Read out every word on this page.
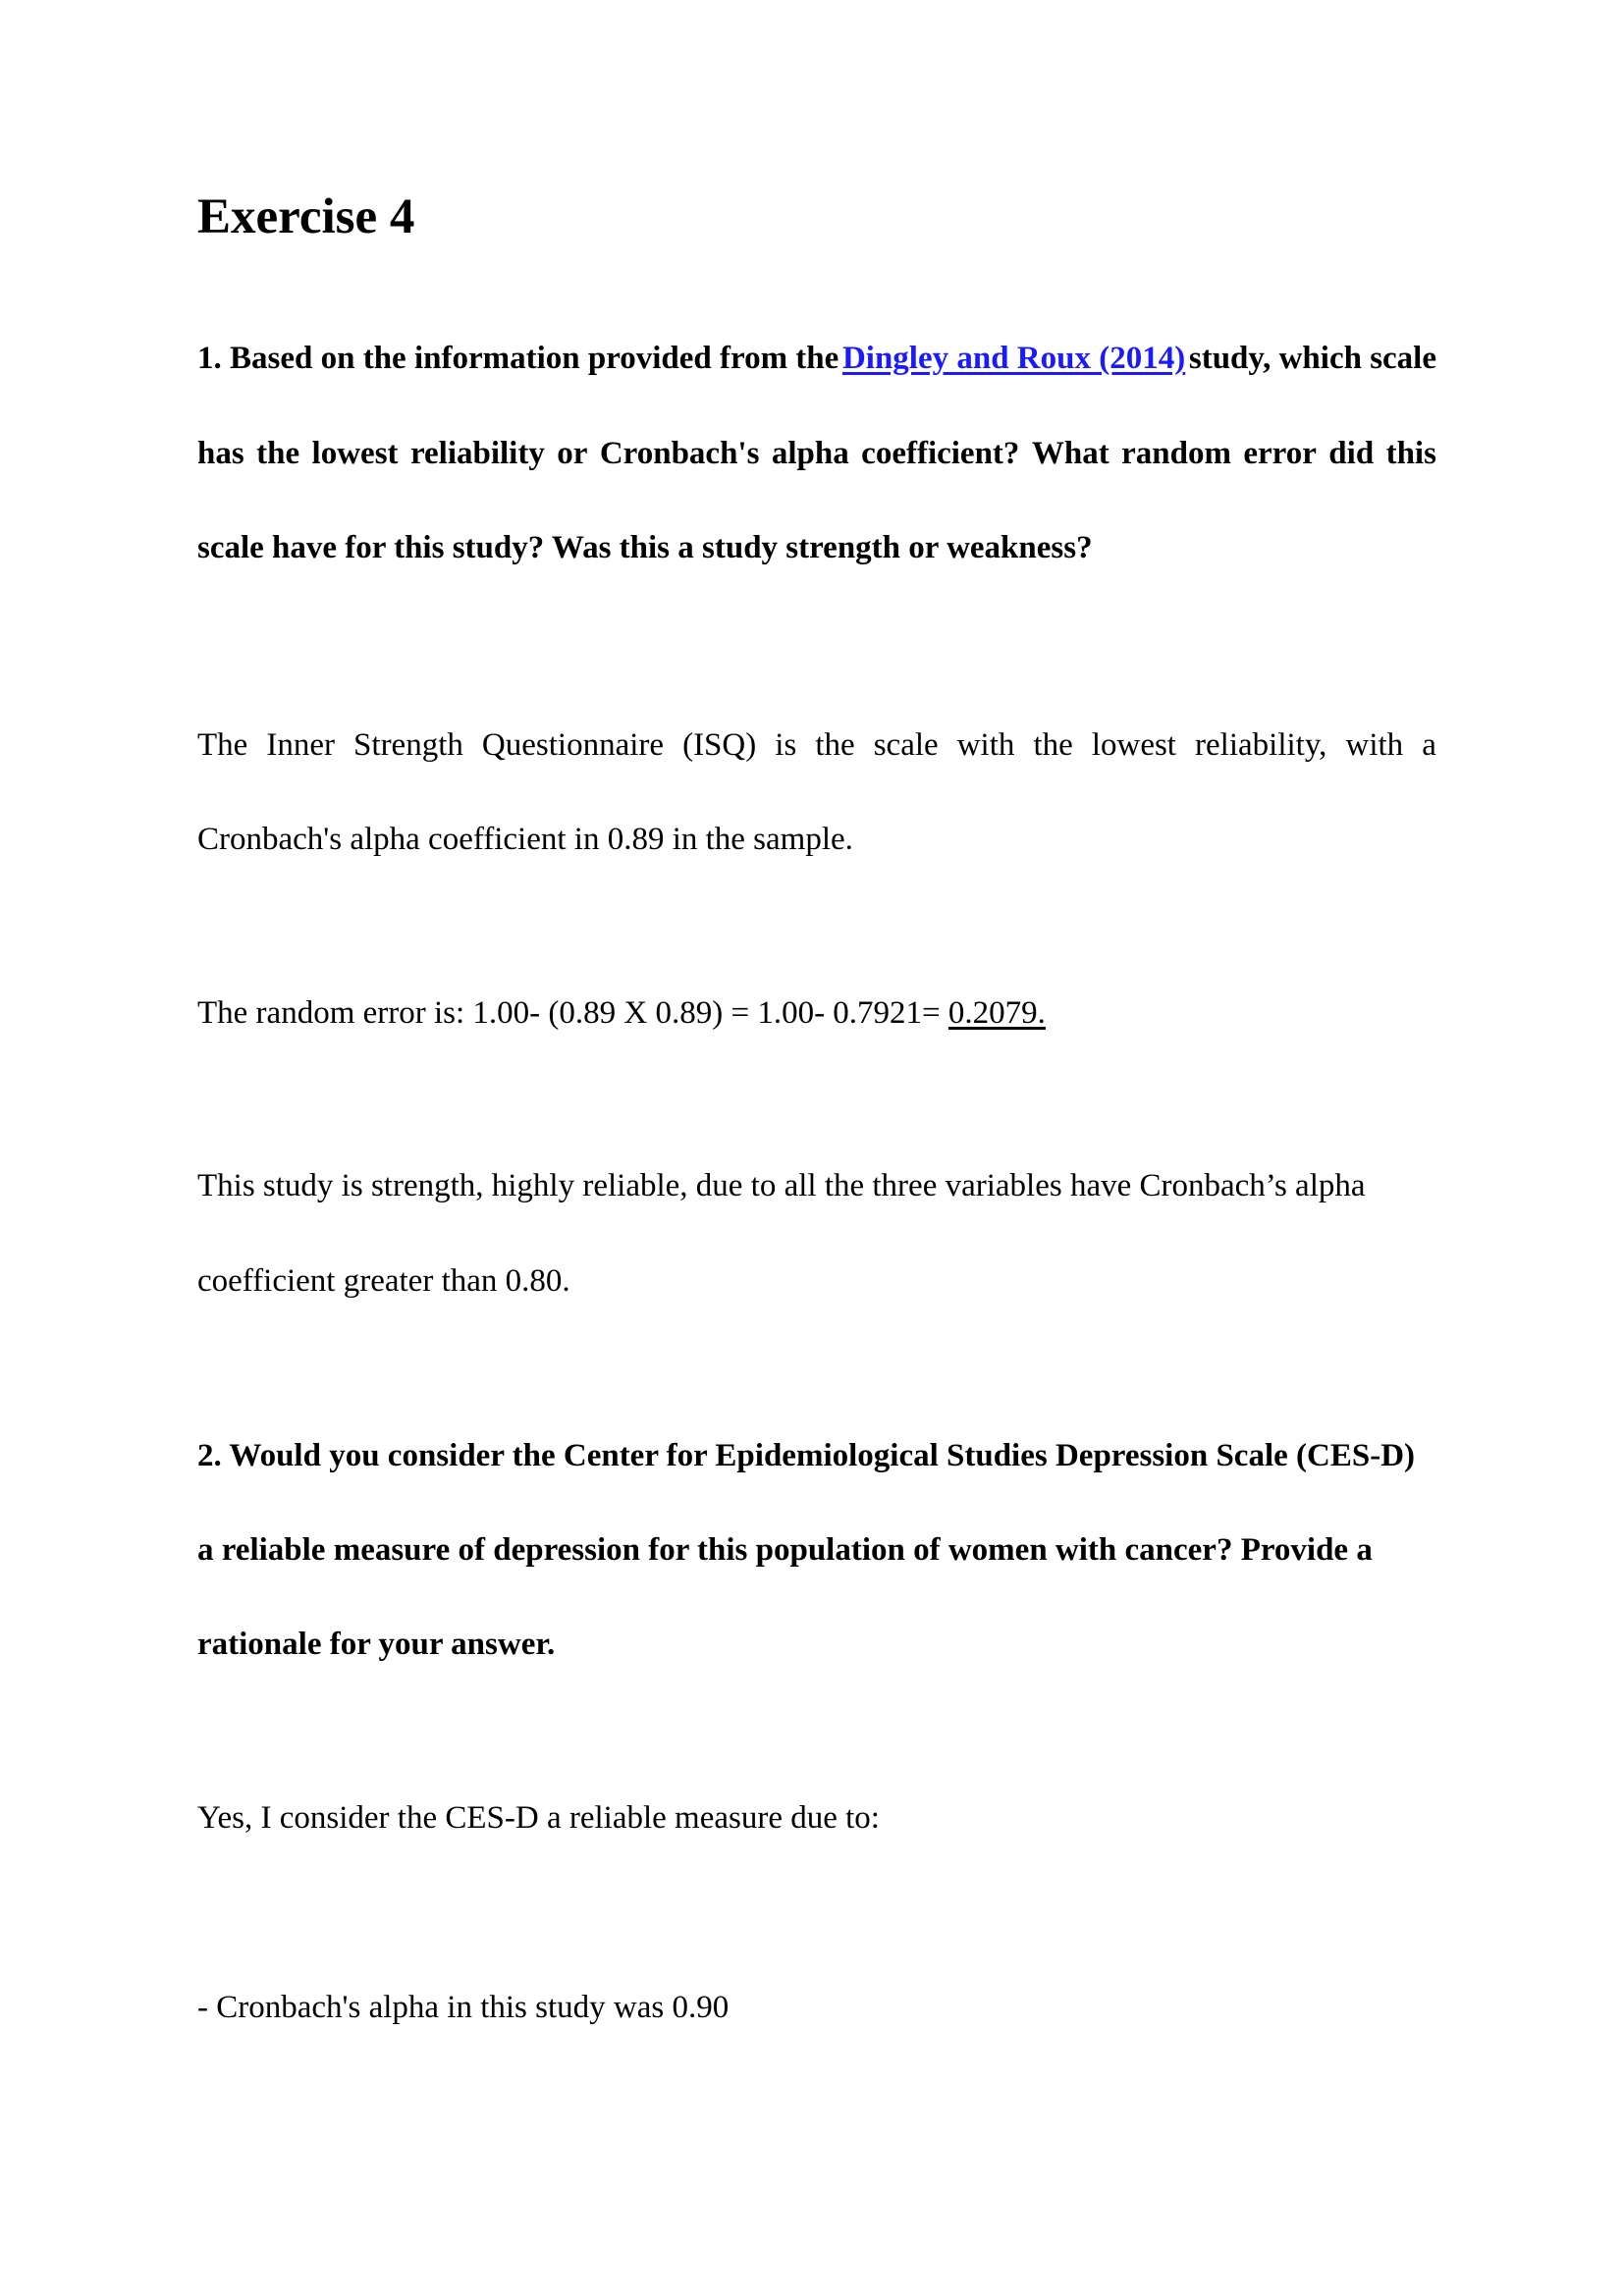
Exercise 4
1. Based on the information provided from the Dingley and Roux (2014) study, which scale
has the lowest reliability or Cronbach's alpha coefficient? What random error did this
scale have for this study? Was this a study strength or weakness?
The Inner Strength Questionnaire (ISQ) is the scale with the lowest reliability, with a
Cronbach's alpha coefficient in 0.89 in the sample.
The random error is: 1.00- (0.89 X 0.89) = 1.00- 0.7921= 0.2079.
This study is strength, highly reliable, due to all the three variables have Cronbach’s alpha
coefficient greater than 0.80.
2. Would you consider the Center for Epidemiological Studies Depression Scale (CES-D)
a reliable measure of depression for this population of women with cancer? Provide a
rationale for your answer.
Yes, I consider the CES-D a reliable measure due to:
- Cronbach's alpha in this study was 0.90
